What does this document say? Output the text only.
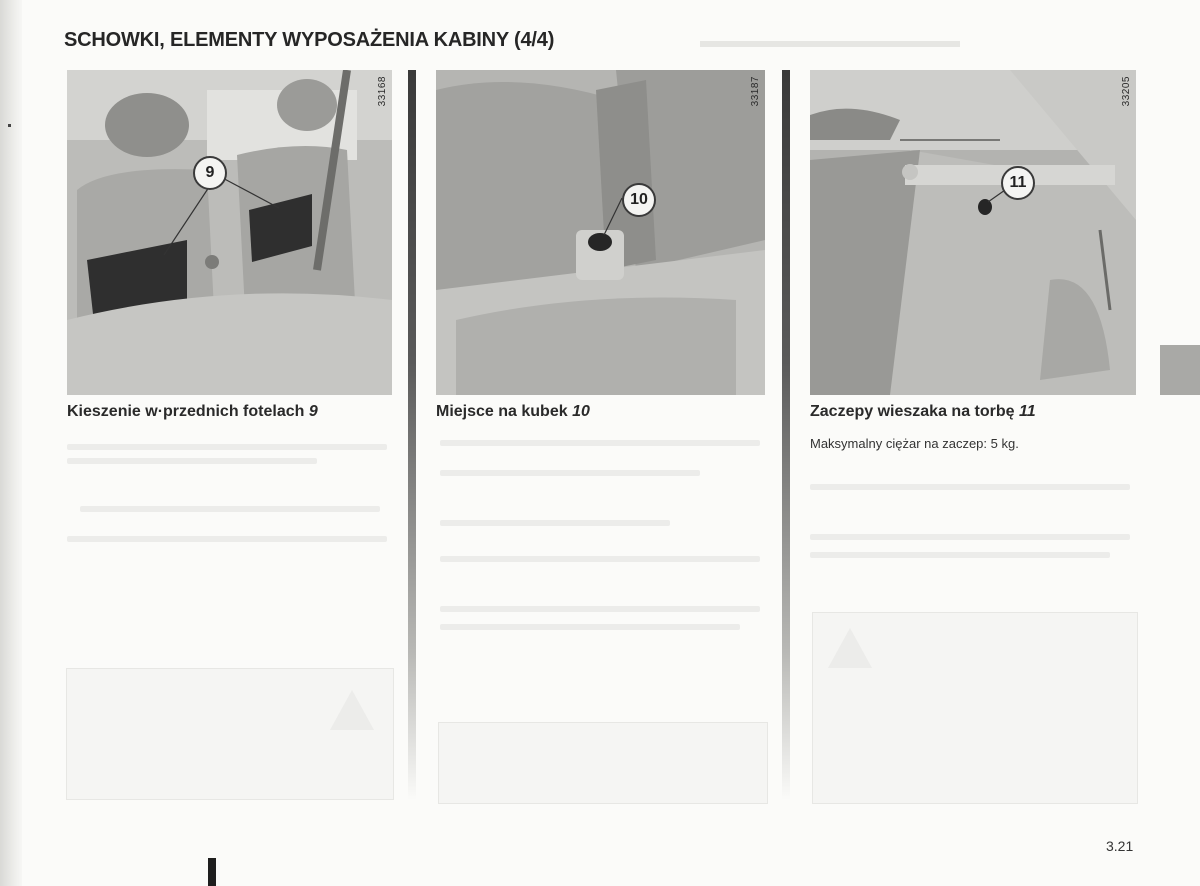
▬▬▬▬▬▬▬▬▬▬▬▬▬
SCHOWKI, ELEMENTY WYPOSAŻENIA KABINY (4/4)
9
33168
10
33187
11
33205
Kieszenie w·przednich fotelach 9	Miejsce na kubek 10	Zaczepy wieszaka na torbę 11
Maksymalny ciężar na zaczep: 5 kg.
3.21
